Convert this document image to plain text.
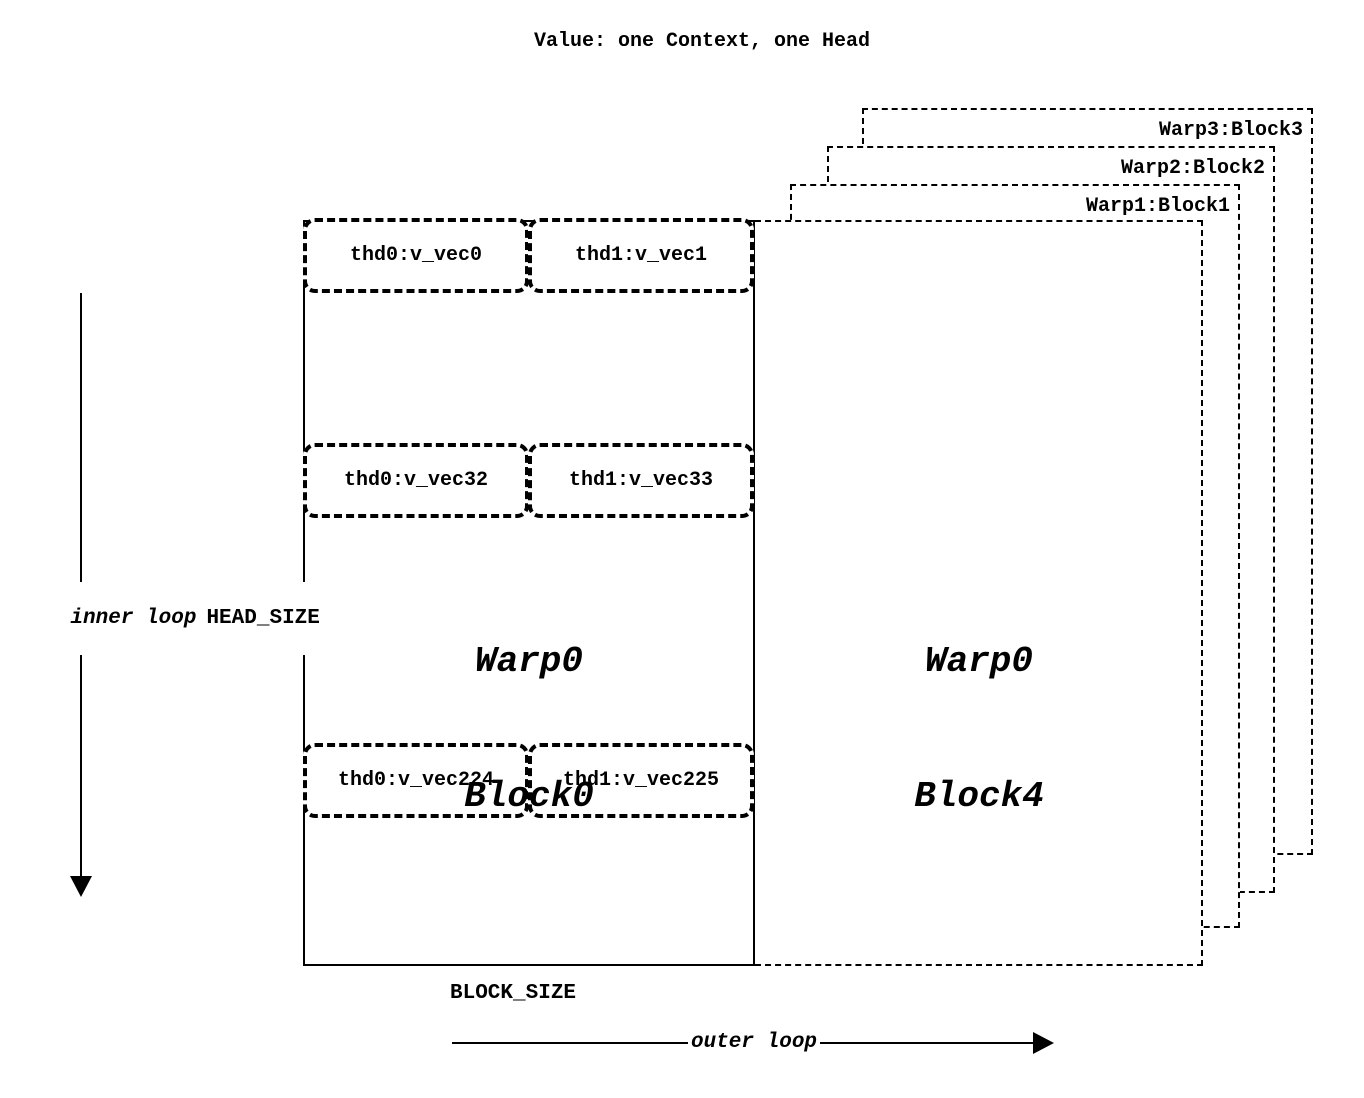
Value: one Context, one Head
Warp3:Block3
Warp2:Block2
Warp1:Block1
thd0:v_vec0	thd1:v_vec1
thd0:v_vec32	thd1:v_vec33
thd0:v_vec224	thd1:v_vec225

Warp0

Block0

Warp0

Block4

inner loop HEAD_SIZE

BLOCK_SIZE
outer loop
